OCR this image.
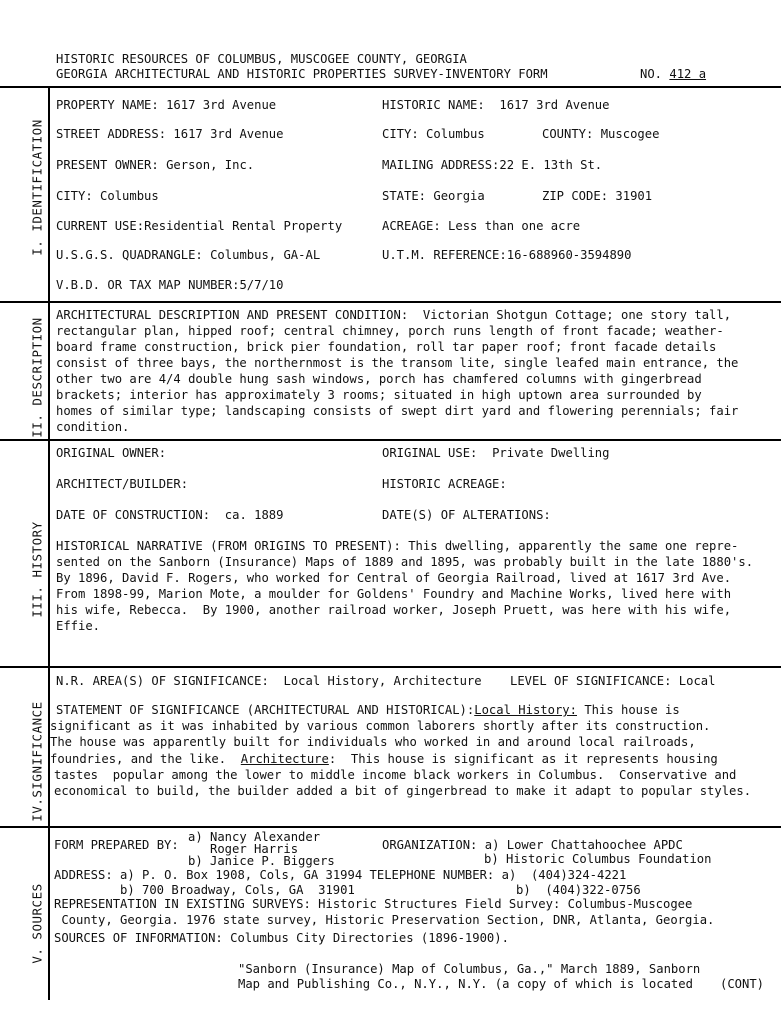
HISTORIC RESOURCES OF COLUMBUS, MUSCOGEE COUNTY, GEORGIA
GEORGIA ARCHITECTURAL AND HISTORIC PROPERTIES SURVEY-INVENTORY FORM	NO. 412 a
I. IDENTIFICATION
II. DESCRIPTION
III. HISTORY
IV.SIGNIFICANCE
V. SOURCES
PROPERTY NAME: 1617 3rd Avenue	HISTORIC NAME: 1617 3rd Avenue
STREET ADDRESS: 1617 3rd Avenue	CITY: Columbus	COUNTY: Muscogee
PRESENT OWNER: Gerson, Inc.	MAILING ADDRESS:22 E. 13th St.
CITY: Columbus	STATE: Georgia	ZIP CODE: 31901
CURRENT USE:Residential Rental Property	ACREAGE: Less than one acre
U.S.G.S. QUADRANGLE: Columbus, GA-AL	U.T.M. REFERENCE:16-688960-3594890
V.B.D. OR TAX MAP NUMBER:5/7/10
ARCHITECTURAL DESCRIPTION AND PRESENT CONDITION:  Victorian Shotgun Cottage; one story tall,
rectangular plan, hipped roof; central chimney, porch runs length of front facade; weather-
board frame construction, brick pier foundation, roll tar paper roof; front facade details
consist of three bays, the northernmost is the transom lite, single leafed main entrance, the
other two are 4/4 double hung sash windows, porch has chamfered columns with gingerbread
brackets; interior has approximately 3 rooms; situated in high uptown area surrounded by
homes of similar type; landscaping consists of swept dirt yard and flowering perennials; fair
condition.
ORIGINAL OWNER:	ORIGINAL USE: Private Dwelling
ARCHITECT/BUILDER:	HISTORIC ACREAGE:
DATE OF CONSTRUCTION: ca. 1889	DATE(S) OF ALTERATIONS:
HISTORICAL NARRATIVE (FROM ORIGINS TO PRESENT): This dwelling, apparently the same one repre-
sented on the Sanborn (Insurance) Maps of 1889 and 1895, was probably built in the late 1880's.
By 1896, David F. Rogers, who worked for Central of Georgia Railroad, lived at 1617 3rd Ave.
From 1898-99, Marion Mote, a moulder for Goldens' Foundry and Machine Works, lived here with
his wife, Rebecca.  By 1900, another railroad worker, Joseph Pruett, was here with his wife,
Effie.
N.R. AREA(S) OF SIGNIFICANCE: Local History, Architecture LEVEL OF SIGNIFICANCE: Local
STATEMENT OF SIGNIFICANCE (ARCHITECTURAL AND HISTORICAL):Local History: This house is
significant as it was inhabited by various common laborers shortly after its construction.
The house was apparently built for individuals who worked in and around local railroads,
foundries, and the like. Architecture:  This house is significant as it represents housing
tastes  popular among the lower to middle income black workers in Columbus.  Conservative and
economical to build, the builder added a bit of gingerbread to make it adapt to popular styles.
FORM PREPARED BY:
a) Nancy Alexander
Roger Harris
b) Janice P. Biggers
ORGANIZATION: a) Lower Chattahoochee APDC
b) Historic Columbus Foundation
ADDRESS: a) P. O. Box 1908, Cols, GA 31994 TELEPHONE NUMBER: a)  (404)324-4221
b) 700 Broadway, Cols, GA  31901	b)  (404)322-0756
REPRESENTATION IN EXISTING SURVEYS: Historic Structures Field Survey: Columbus-Muscogee
County, Georgia. 1976 state survey, Historic Preservation Section, DNR, Atlanta, Georgia.
SOURCES OF INFORMATION: Columbus City Directories (1896-1900).
"Sanborn (Insurance) Map of Columbus, Ga.," March 1889, Sanborn
Map and Publishing Co., N.Y., N.Y. (a copy of which is located (CONT)
